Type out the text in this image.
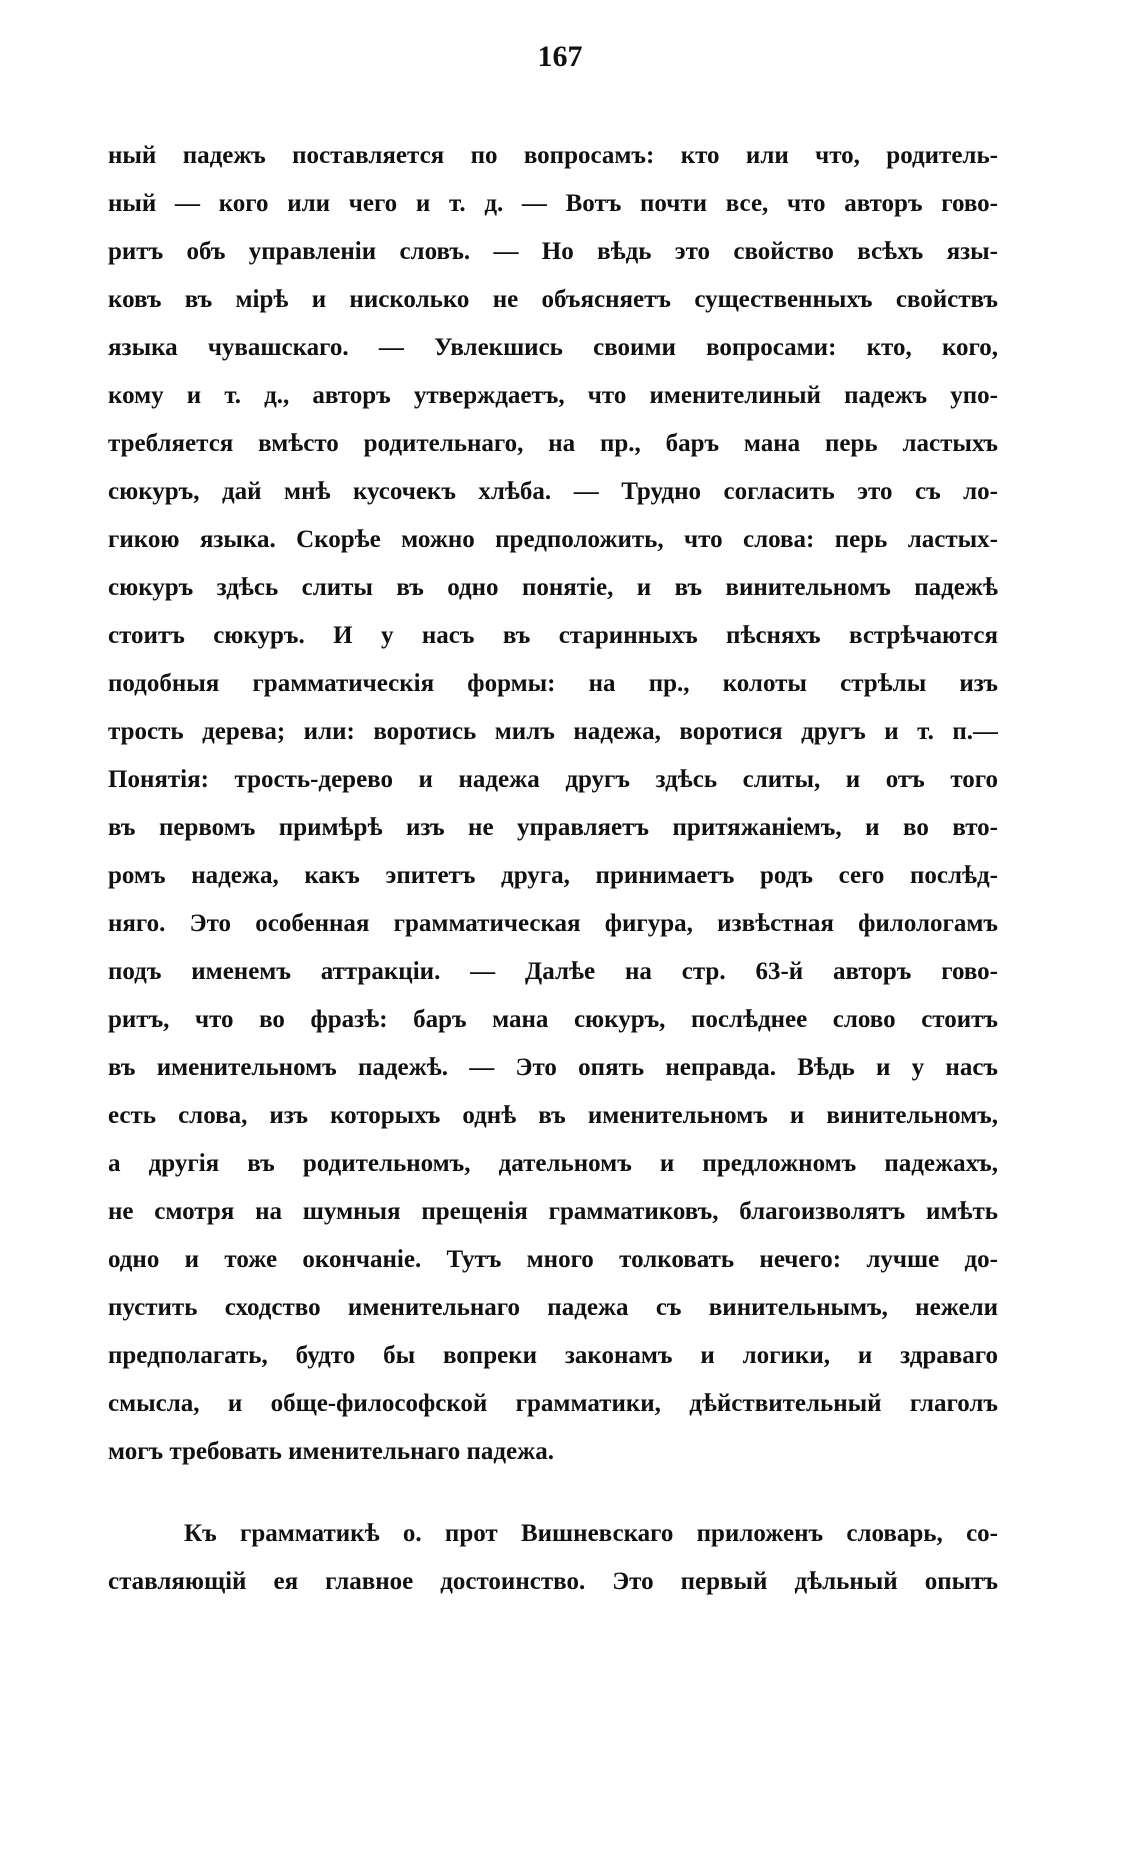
167
ный падежъ поставляется по вопросамъ: кто или что, родитель-
ный — кого или чего и т. д. — Вотъ почти все, что авторъ гово-
ритъ объ управленіи словъ. — Но вѣдь это свойство всѣхъ язы-
ковъ въ мірѣ и нисколько не объясняетъ существенныхъ свойствъ
языка чувашскаго. — Увлекшись своими вопросами: кто, кого,
кому и т. д., авторъ утверждаетъ, что именителиный падежъ упо-
требляется вмѣсто родительнаго, на пр., баръ мана перь ластыхъ
сюкуръ, дай мнѣ кусочекъ хлѣба. — Трудно согласить это съ ло-
гикою языка. Скорѣе можно предположить, что слова: перь ластых-
сюкуръ здѣсь слиты въ одно понятіе, и въ винительномъ падежѣ
стоитъ сюкуръ. И у насъ въ старинныхъ пѣсняхъ встрѣчаются
подобныя грамматическія формы: на пр., колоты стрѣлы изъ
трость дерева; или: воротись милъ надежа, воротися другъ и т. п.—
Понятія: трость-дерево и надежа другъ здѣсь слиты, и отъ того
въ первомъ примѣрѣ изъ не управляетъ притяжаніемъ, и во вто-
ромъ надежа, какъ эпитетъ друга, принимаетъ родъ сего послѣд-
няго. Это особенная грамматическая фигура, извѣстная филологамъ
подъ именемъ аттракціи. — Далѣе на стр. 63-й авторъ гово-
ритъ, что во фразѣ: баръ мана сюкуръ, послѣднее слово стоитъ
въ именительномъ падежѣ. — Это опять неправда. Вѣдь и у насъ
есть слова, изъ которыхъ однѣ въ именительномъ и винительномъ,
а другія въ родительномъ, дательномъ и предложномъ падежахъ,
не смотря на шумныя прещенія грамматиковъ, благоизволятъ имѣть
одно и тоже окончаніе. Тутъ много толковать нечего: лучше до-
пустить сходство именительнаго падежа съ винительнымъ, нежели
предполагать, будто бы вопреки законамъ и логики, и здраваго
смысла, и обще-философской грамматики, дѣйствительный глаголъ
могъ требовать именительнаго падежа.
Къ грамматикѣ о. прот Вишневскаго приложенъ словарь, со-
ставляющій ея главное достоинство. Это первый дѣльный опытъ
